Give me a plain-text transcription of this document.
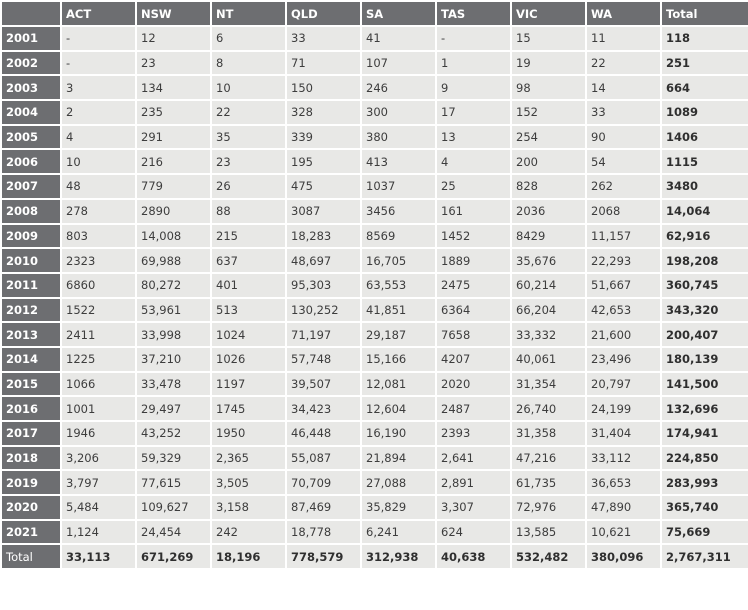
	ACT	NSW	NT	QLD	SA	TAS	VIC	WA	Total
2001	-	12	6	33	41	-	15	11	118
2002	-	23	8	71	107	1	19	22	251
2003	3	134	10	150	246	9	98	14	664
2004	2	235	22	328	300	17	152	33	1089
2005	4	291	35	339	380	13	254	90	1406
2006	10	216	23	195	413	4	200	54	1115
2007	48	779	26	475	1037	25	828	262	3480
2008	278	2890	88	3087	3456	161	2036	2068	14,064
2009	803	14,008	215	18,283	8569	1452	8429	11,157	62,916
2010	2323	69,988	637	48,697	16,705	1889	35,676	22,293	198,208
2011	6860	80,272	401	95,303	63,553	2475	60,214	51,667	360,745
2012	1522	53,961	513	130,252	41,851	6364	66,204	42,653	343,320
2013	2411	33,998	1024	71,197	29,187	7658	33,332	21,600	200,407
2014	1225	37,210	1026	57,748	15,166	4207	40,061	23,496	180,139
2015	1066	33,478	1197	39,507	12,081	2020	31,354	20,797	141,500
2016	1001	29,497	1745	34,423	12,604	2487	26,740	24,199	132,696
2017	1946	43,252	1950	46,448	16,190	2393	31,358	31,404	174,941
2018	3,206	59,329	2,365	55,087	21,894	2,641	47,216	33,112	224,850
2019	3,797	77,615	3,505	70,709	27,088	2,891	61,735	36,653	283,993
2020	5,484	109,627	3,158	87,469	35,829	3,307	72,976	47,890	365,740
2021	1,124	24,454	242	18,778	6,241	624	13,585	10,621	75,669
Total	33,113	671,269	18,196	778,579	312,938	40,638	532,482	380,096	2,767,311
